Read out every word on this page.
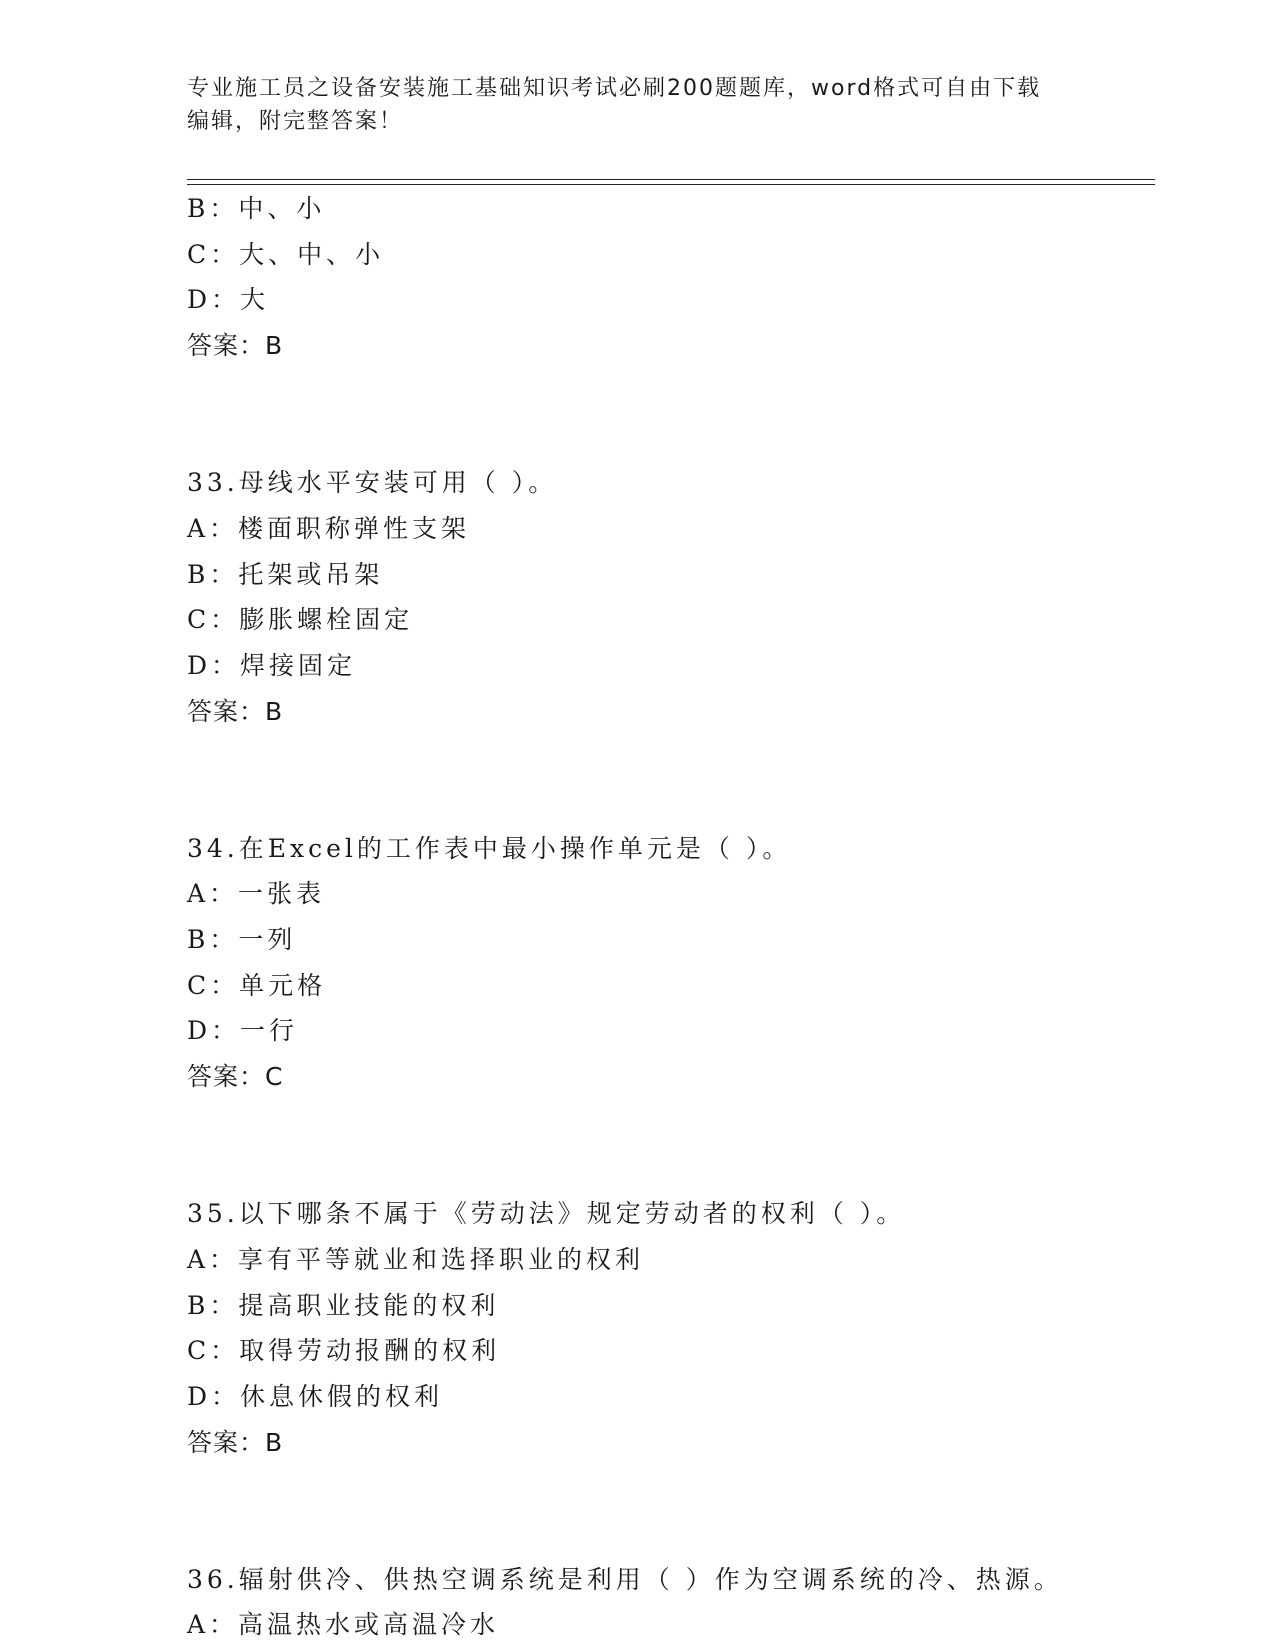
专业施工员之设备安装施工基础知识考试必刷200题题库，word格式可自由下载
编辑，附完整答案！
B：中、小
C：大、中、小
D：大
答案：B
33.母线水平安装可用（ ）。
A：楼面职称弹性支架
B：托架或吊架
C：膨胀螺栓固定
D：焊接固定
答案：B
34.在Excel的工作表中最小操作单元是（ ）。
A：一张表
B：一列
C：单元格
D：一行
答案：C
35.以下哪条不属于《劳动法》规定劳动者的权利（ ）。
A：享有平等就业和选择职业的权利
B：提高职业技能的权利
C：取得劳动报酬的权利
D：休息休假的权利
答案：B
36.辐射供冷、供热空调系统是利用（ ）作为空调系统的冷、热源。
A：高温热水或高温冷水
